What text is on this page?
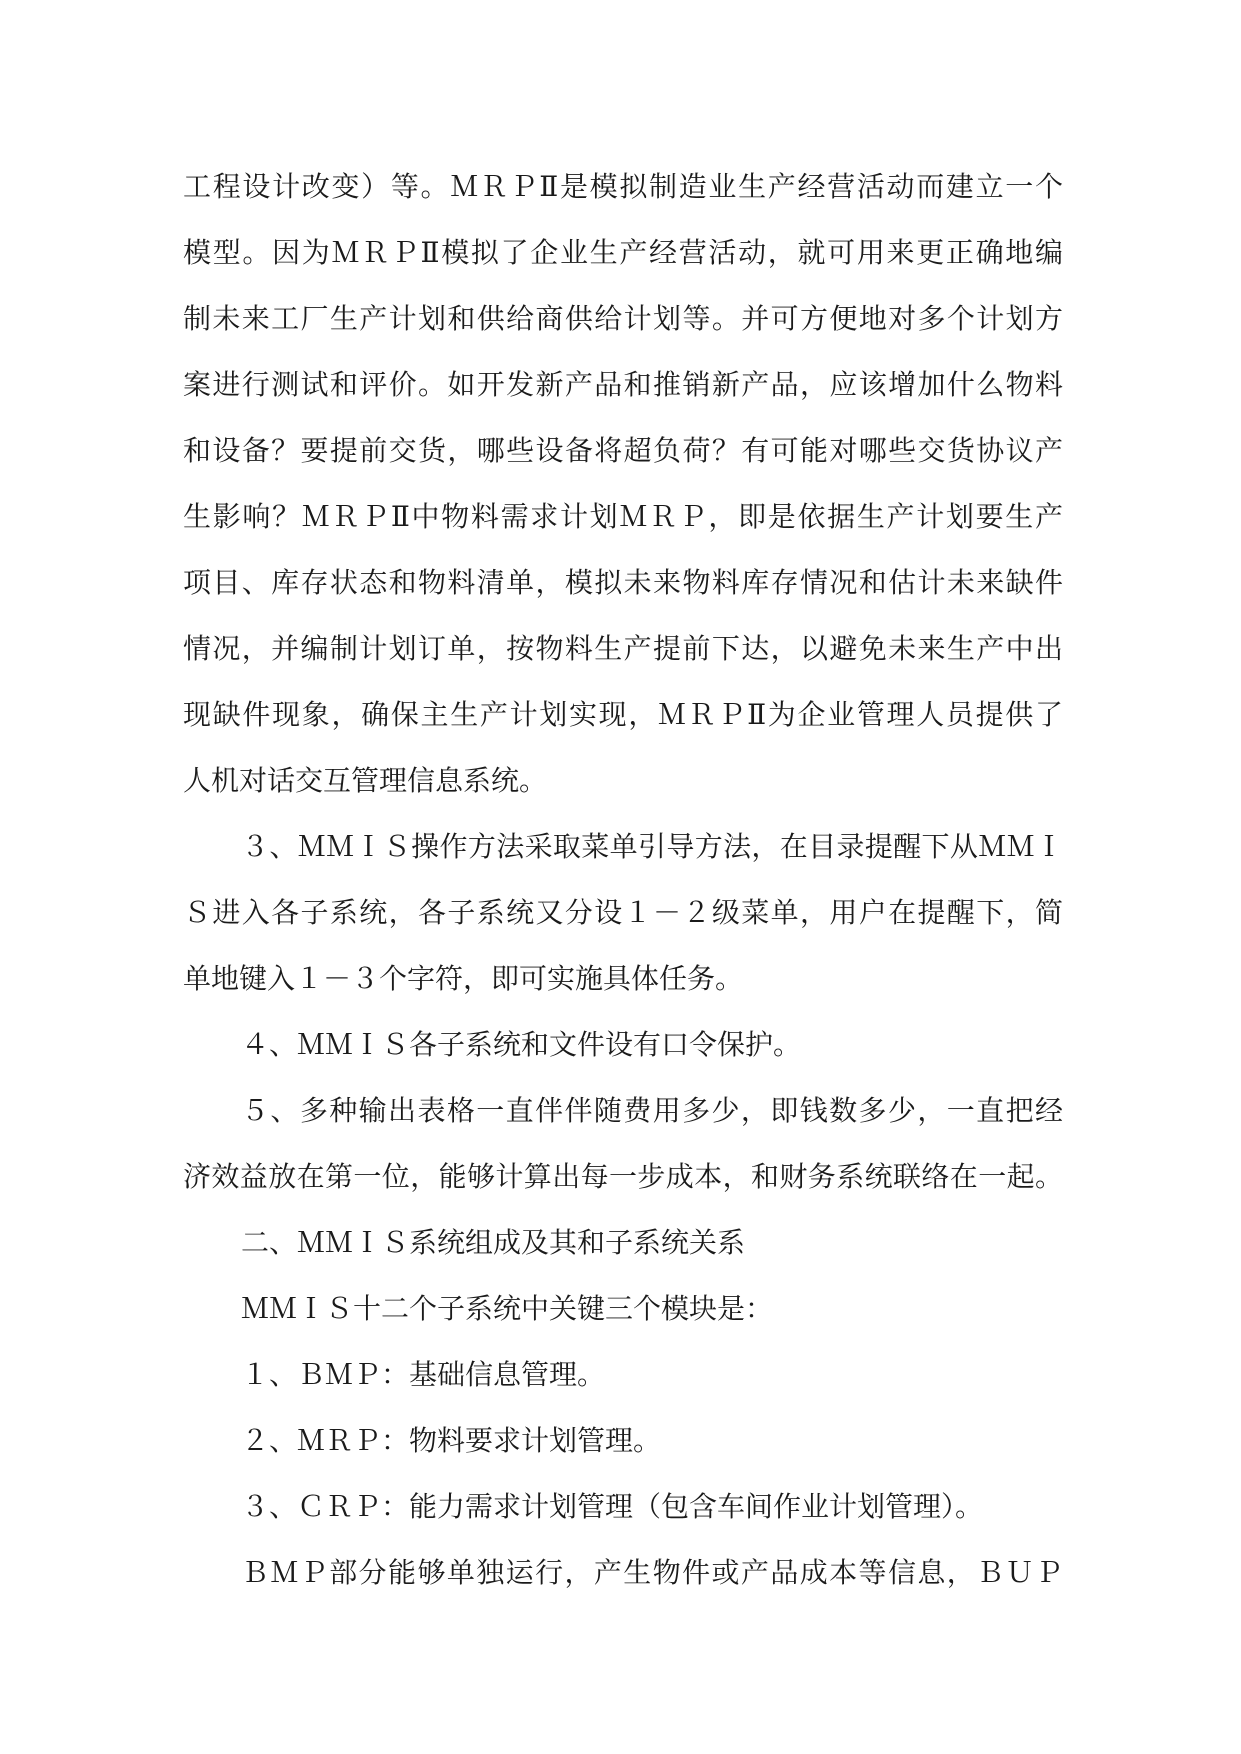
工程设计改变）等。ＭＲＰⅡ是模拟制造业生产经营活动而建立一个
模型。因为ＭＲＰⅡ模拟了企业生产经营活动，就可用来更正确地编
制未来工厂生产计划和供给商供给计划等。并可方便地对多个计划方
案进行测试和评价。如开发新产品和推销新产品，应该增加什么物料
和设备？要提前交货，哪些设备将超负荷？有可能对哪些交货协议产
生影响？ＭＲＰⅡ中物料需求计划ＭＲＰ，即是依据生产计划要生产
项目、库存状态和物料清单，模拟未来物料库存情况和估计未来缺件
情况，并编制计划订单，按物料生产提前下达，以避免未来生产中出
现缺件现象，确保主生产计划实现，ＭＲＰⅡ为企业管理人员提供了
人机对话交互管理信息系统。
３、ＭＭＩＳ操作方法采取菜单引导方法，在目录提醒下从ＭＭＩ
Ｓ进入各子系统，各子系统又分设１－２级菜单，用户在提醒下，简
单地键入１－３个字符，即可实施具体任务。
４、ＭＭＩＳ各子系统和文件设有口令保护。
５、多种输出表格一直伴伴随费用多少，即钱数多少，一直把经
济效益放在第一位，能够计算出每一步成本，和财务系统联络在一起。
二、ＭＭＩＳ系统组成及其和子系统关系
ＭＭＩＳ十二个子系统中关键三个模块是：
１、ＢＭＰ：基础信息管理。
２、ＭＲＰ：物料要求计划管理。
３、ＣＲＰ：能力需求计划管理（包含车间作业计划管理）。
ＢＭＰ部分能够单独运行，产生物件或产品成本等信息，ＢＵＰ
